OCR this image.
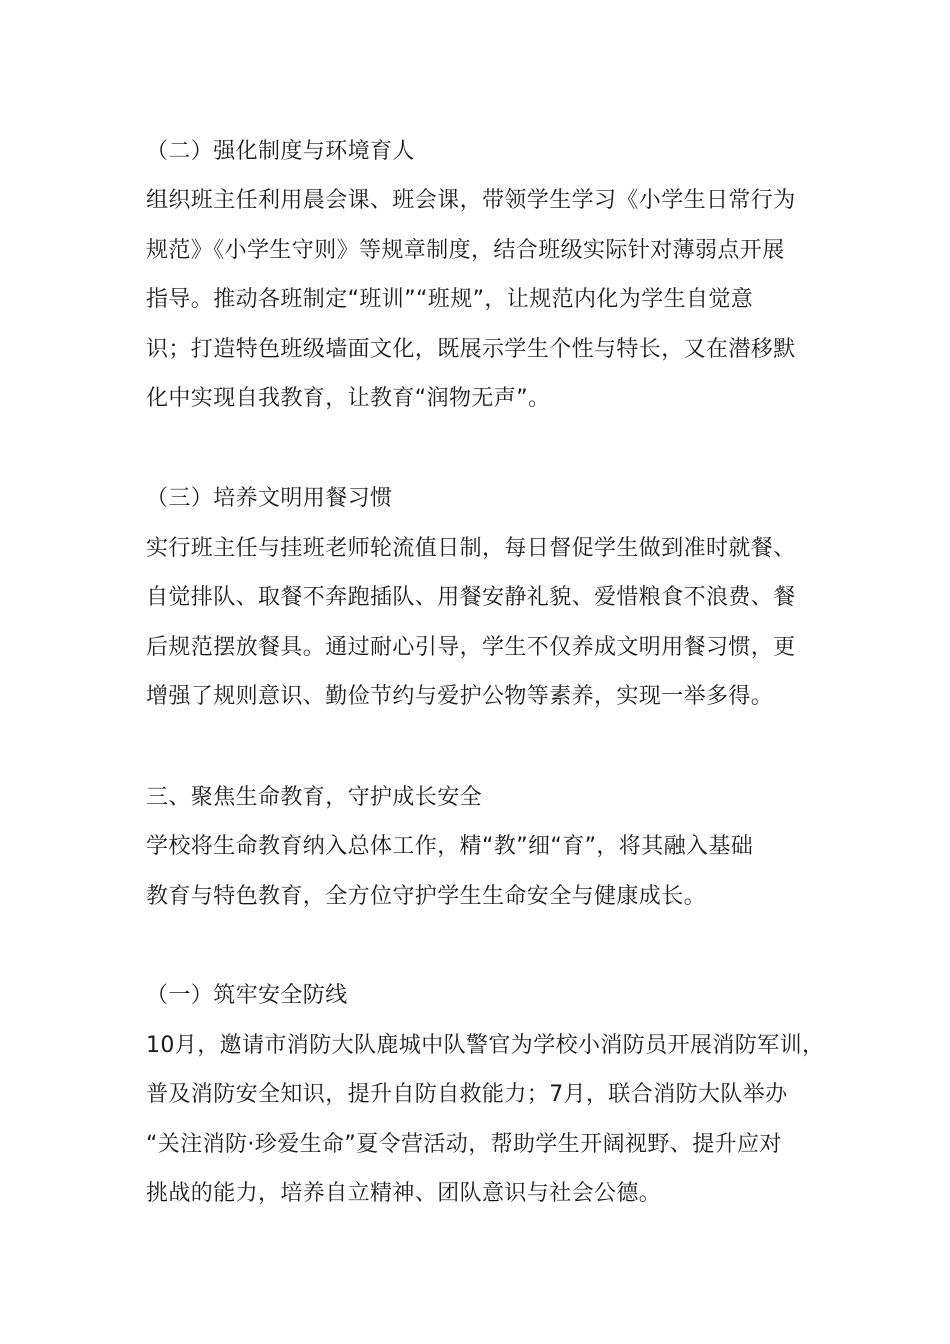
（二）强化制度与环境育人
组织班主任利用晨会课、班会课，带领学生学习《小学生日常行为
规范》《小学生守则》等规章制度，结合班级实际针对薄弱点开展
指导。推动各班制定“班训”“班规”，让规范内化为学生自觉意
识；打造特色班级墙面文化，既展示学生个性与特长，又在潜移默
化中实现自我教育，让教育“润物无声”。
（三）培养文明用餐习惯
实行班主任与挂班老师轮流值日制，每日督促学生做到准时就餐、
自觉排队、取餐不奔跑插队、用餐安静礼貌、爱惜粮食不浪费、餐
后规范摆放餐具。通过耐心引导，学生不仅养成文明用餐习惯，更
增强了规则意识、勤俭节约与爱护公物等素养，实现一举多得。
三、聚焦生命教育，守护成长安全
学校将生命教育纳入总体工作，精“教”细“育”，将其融入基础
教育与特色教育，全方位守护学生生命安全与健康成长。
（一）筑牢安全防线
10月，邀请市消防大队鹿城中队警官为学校小消防员开展消防军训，
普及消防安全知识，提升自防自救能力；7月，联合消防大队举办
“关注消防·珍爱生命”夏令营活动，帮助学生开阔视野、提升应对
挑战的能力，培养自立精神、团队意识与社会公德。
